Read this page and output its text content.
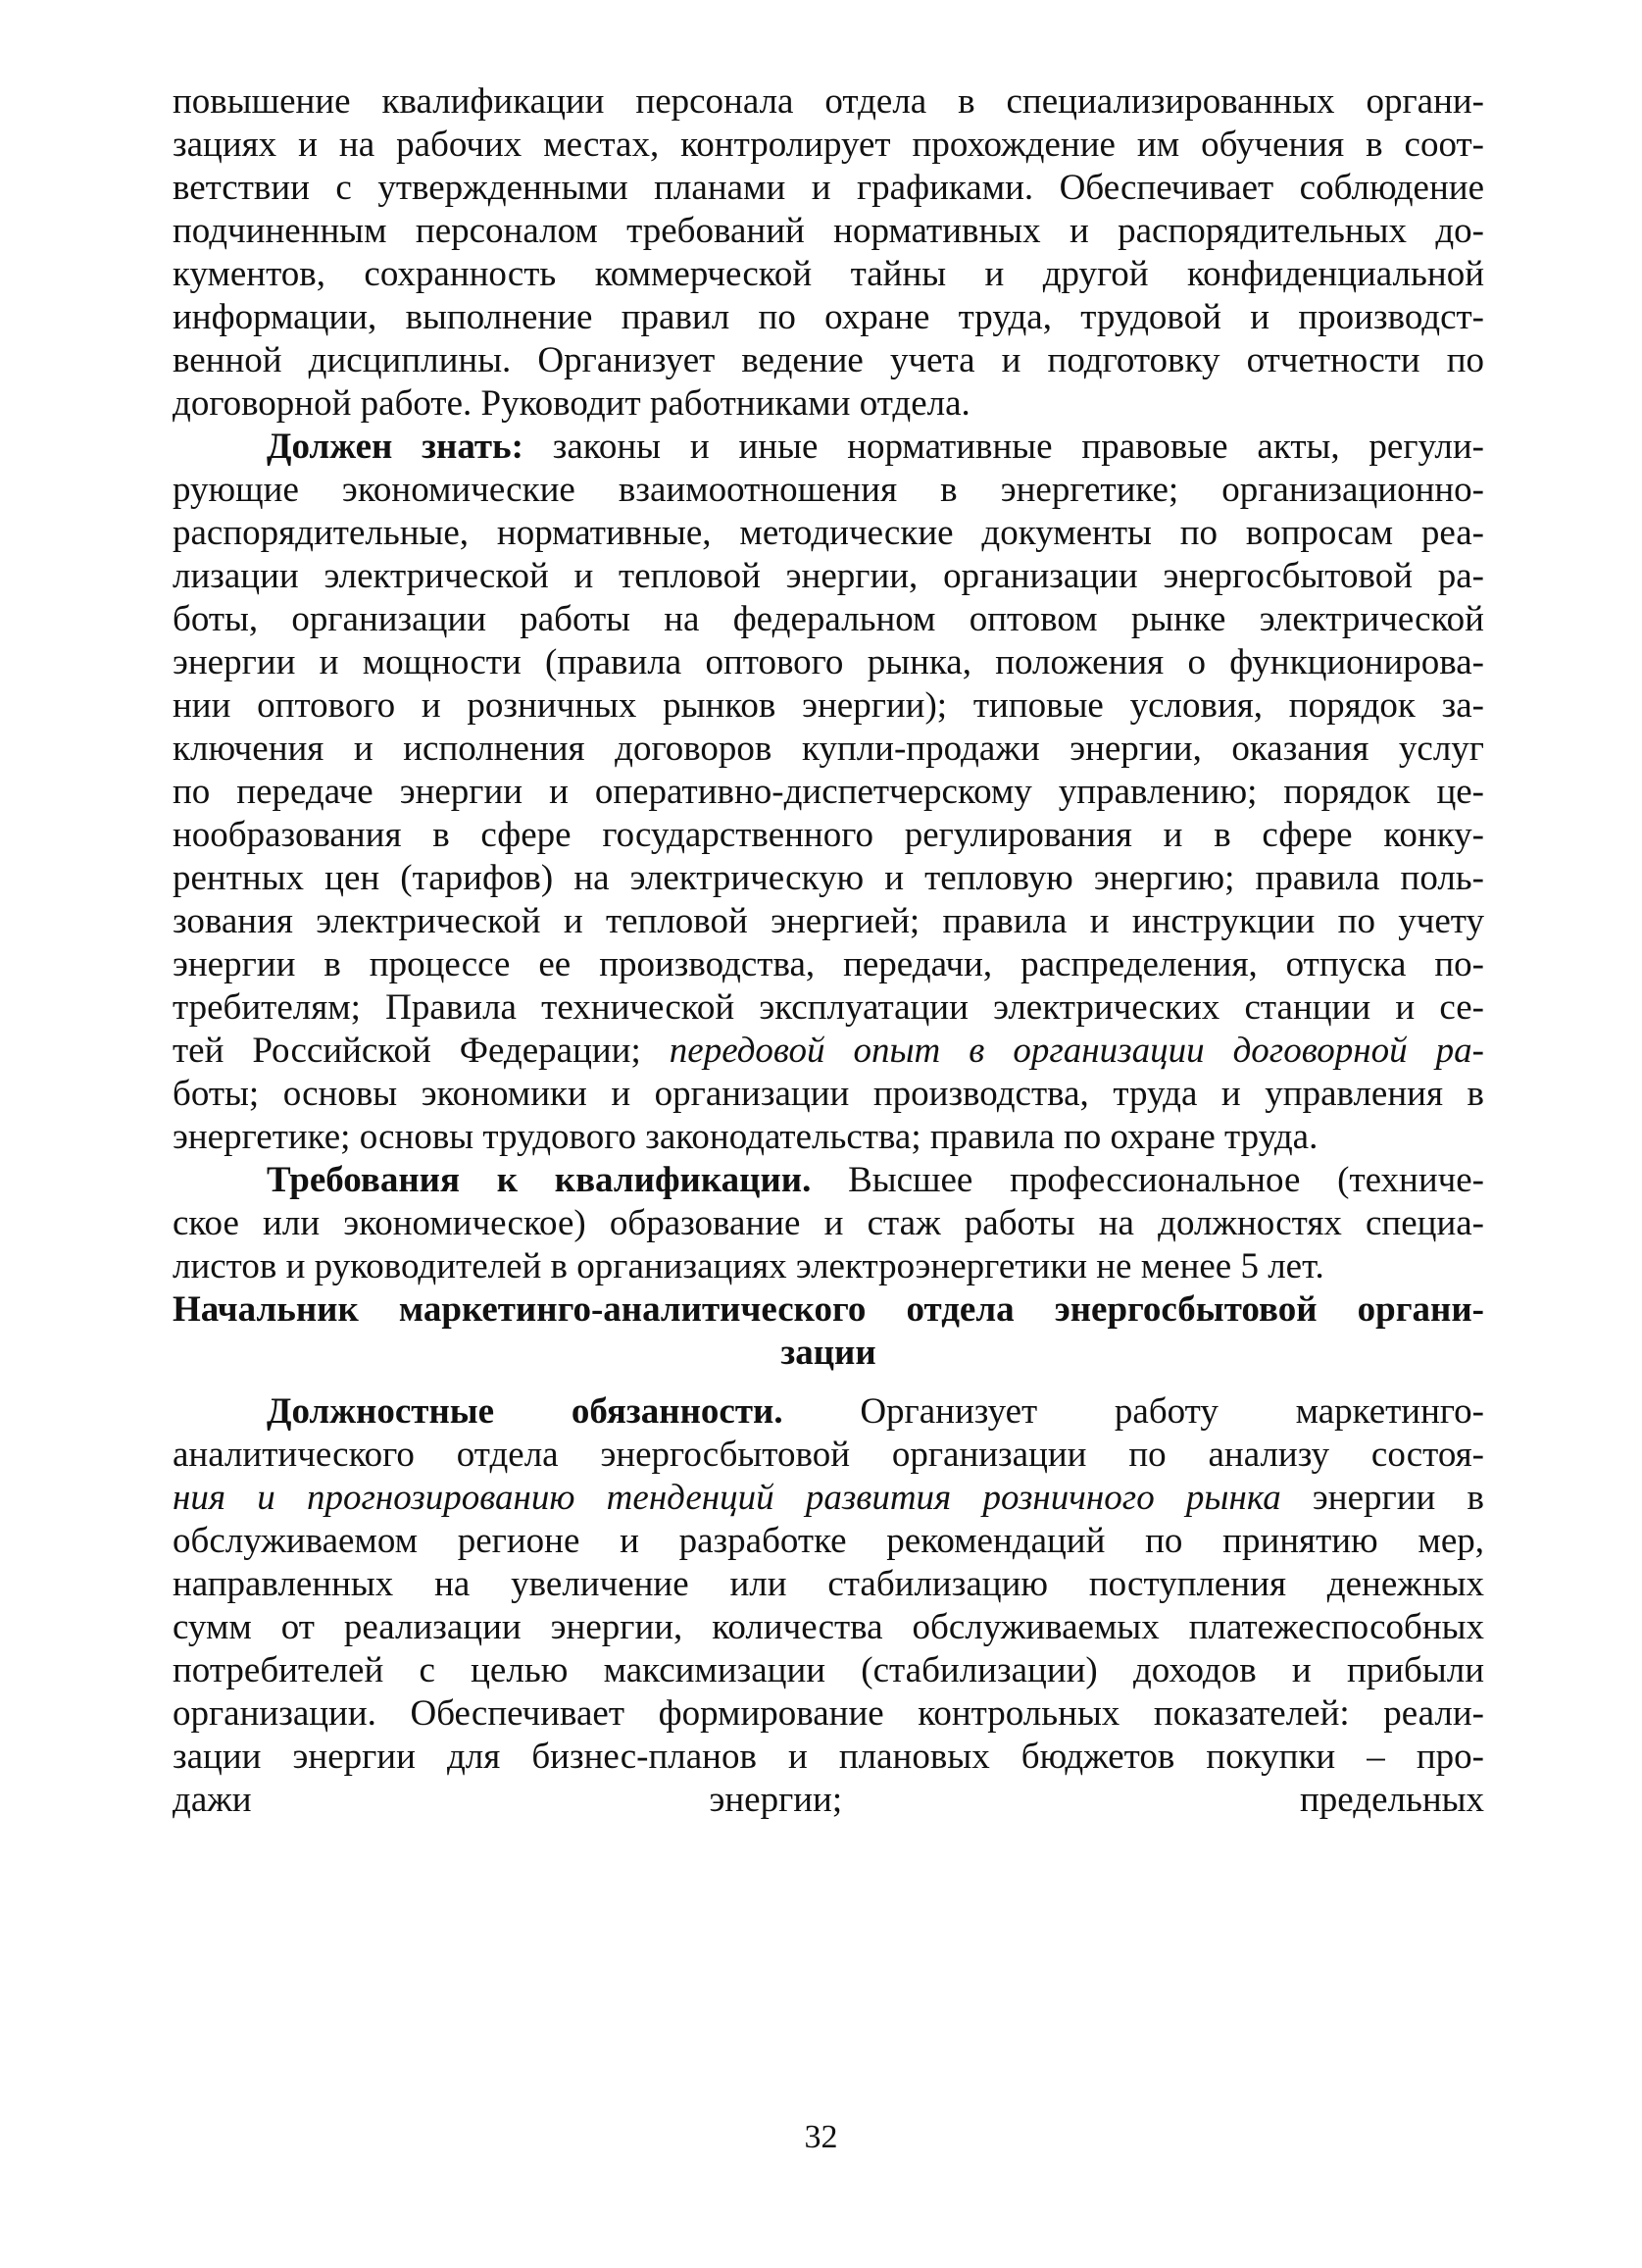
повышение квалификации персонала отдела в специализированных органи-
зациях и на рабочих местах, контролирует прохождение им обучения в соот-
ветствии с утвержденными планами и графиками. Обеспечивает соблюдение
подчиненным персоналом требований нормативных и распорядительных до-
кументов, сохранность коммерческой тайны и другой конфиденциальной
информации, выполнение правил по охране труда, трудовой и производст-
венной дисциплины. Организует ведение учета и подготовку отчетности по
договорной работе. Руководит работниками отдела.
Должен знать: законы и иные нормативные правовые акты, регули-
рующие экономические взаимоотношения в энергетике; организационно-
распорядительные, нормативные, методические документы по вопросам реа-
лизации электрической и тепловой энергии, организации энергосбытовой ра-
боты, организации работы на федеральном оптовом рынке электрической
энергии и мощности (правила оптового рынка, положения о функционирова-
нии оптового и розничных рынков энергии); типовые условия, порядок за-
ключения и исполнения договоров купли-продажи энергии, оказания услуг
по передаче энергии и оперативно-диспетчерскому управлению; порядок це-
нообразования в сфере государственного регулирования и в сфере конку-
рентных цен (тарифов) на электрическую и тепловую энергию; правила поль-
зования электрической и тепловой энергией; правила и инструкции по учету
энергии в процессе ее производства, передачи, распределения, отпуска по-
требителям; Правила технической эксплуатации электрических станции и се-
тей Российской Федерации; передовой опыт в организации договорной ра-
боты; основы экономики и организации производства, труда и управления в
энергетике; основы трудового законодательства; правила по охране труда.
Требования к квалификации. Высшее профессиональное (техниче-
ское или экономическое) образование и стаж работы на должностях специа-
листов и руководителей в организациях электроэнергетики не менее 5 лет.
Начальник маркетинго-аналитического отдела энергосбытовой органи-
зации
Должностные обязанности. Организует работу маркетинго-
аналитического отдела энергосбытовой организации по анализу состоя-
ния и прогнозированию тенденций развития розничного рынка энергии в
обслуживаемом регионе и разработке рекомендаций по принятию мер,
направленных на увеличение или стабилизацию поступления денежных
сумм от реализации энергии, количества обслуживаемых платежеспособных
потребителей с целью максимизации (стабилизации) доходов и прибыли
организации. Обеспечивает формирование контрольных показателей: реали-
зации энергии для бизнес-планов и плановых бюджетов покупки – про-
дажи энергии; предельных
32
